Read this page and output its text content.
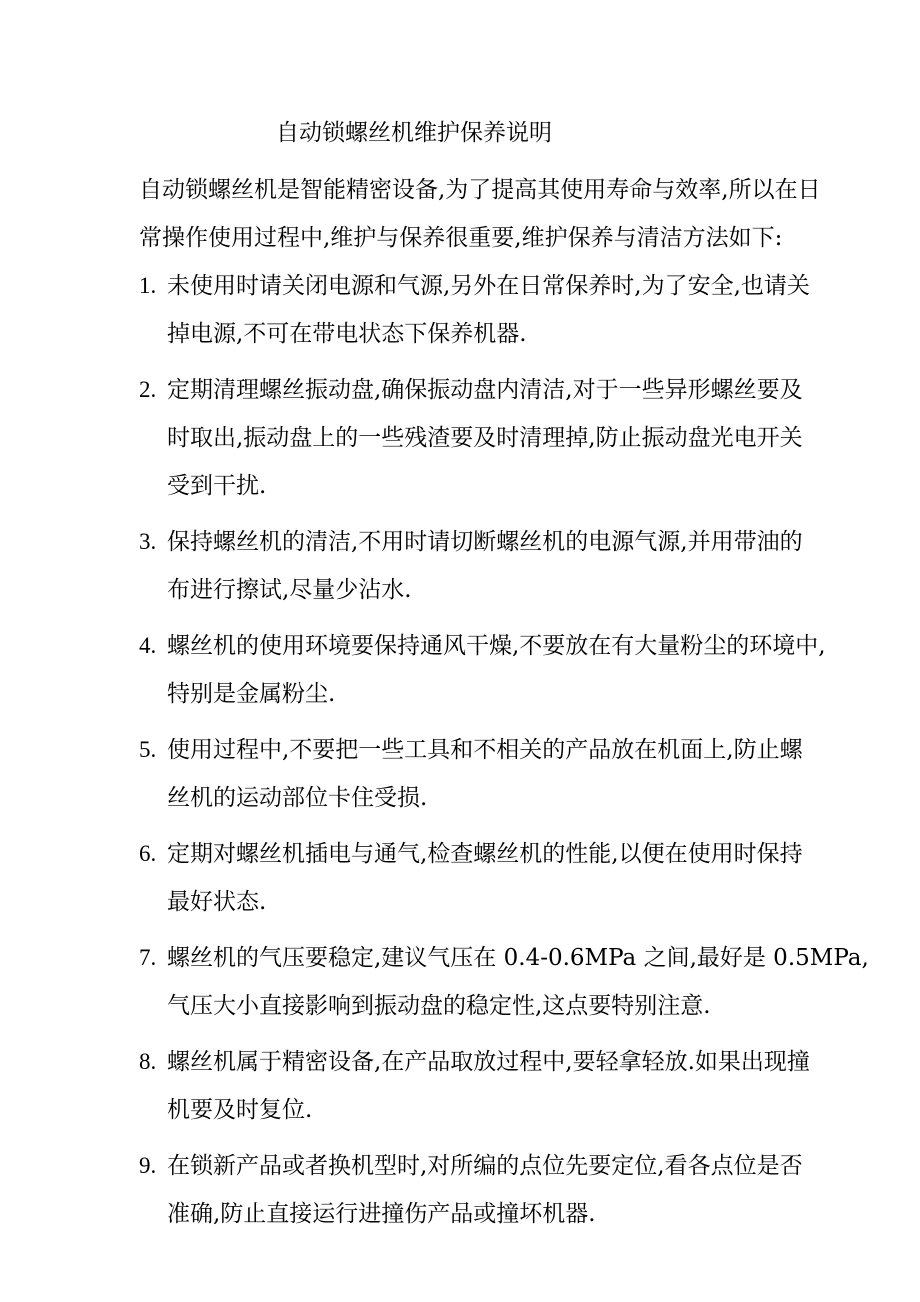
自动锁螺丝机维护保养说明
自动锁螺丝机是智能精密设备,为了提高其使用寿命与效率,所以在日
常操作使用过程中,维护与保养很重要,维护保养与清洁方法如下:
1. 未使用时请关闭电源和气源,另外在日常保养时,为了安全,也请关
掉电源,不可在带电状态下保养机器.
2. 定期清理螺丝振动盘,确保振动盘内清洁,对于一些异形螺丝要及
时取出,振动盘上的一些残渣要及时清理掉,防止振动盘光电开关
受到干扰.
3. 保持螺丝机的清洁,不用时请切断螺丝机的电源气源,并用带油的
布进行擦试,尽量少沾水.
4. 螺丝机的使用环境要保持通风干燥,不要放在有大量粉尘的环境中,
特别是金属粉尘.
5. 使用过程中,不要把一些工具和不相关的产品放在机面上,防止螺
丝机的运动部位卡住受损.
6. 定期对螺丝机插电与通气,检查螺丝机的性能,以便在使用时保持
最好状态.
7. 螺丝机的气压要稳定,建议气压在 0.4-0.6MPa 之间,最好是 0.5MPa,
气压大小直接影响到振动盘的稳定性,这点要特别注意.
8. 螺丝机属于精密设备,在产品取放过程中,要轻拿轻放.如果出现撞
机要及时复位.
9. 在锁新产品或者换机型时,对所编的点位先要定位,看各点位是否
准确,防止直接运行进撞伤产品或撞坏机器.
